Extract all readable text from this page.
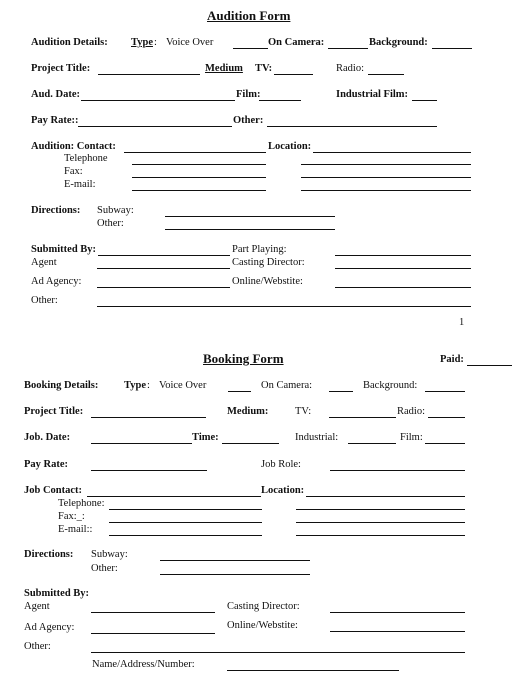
Audition Form
Audition Details: Type : Voice Over	On Camera:	Background:
Project Title:	Medium TV:	Radio:
Aud. Date:	Film:	Industrial Film:
Pay Rate::	Other:
Audition: Contact:	Location:
Telephone
Fax:
E-mail:
Directions: Subway:
Other:
Submitted By:	Part Playing:
Agent	Casting Director:
Ad Agency:	Online/Webstite:
Other:
1
Booking Form	Paid:
Booking Details: Type : Voice Over	On Camera:	Background:
Project Title:	Medium:	TV:	Radio:
Job. Date:	Time:	Industrial:	Film:
Pay Rate:	Job Role:
Job Contact:	Location:
Telephone:
Fax:_:
E-mail::
Directions: Subway:
Other:
Submitted By:
Agent	Casting Director:
Ad Agency:	Online/Webstite:
Other:
Name/Address/Number:
